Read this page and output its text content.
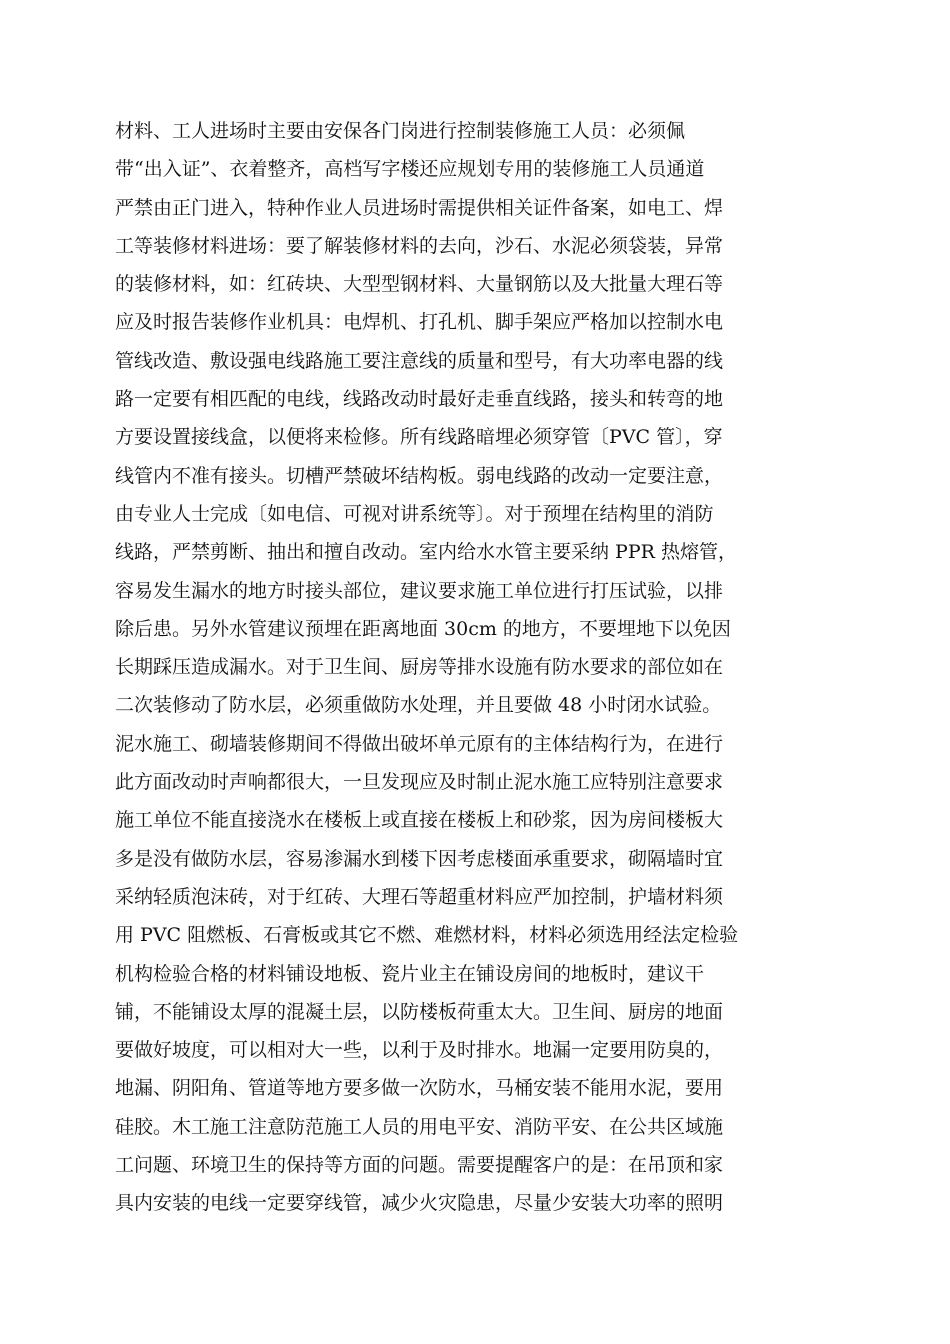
材料、工人进场时主要由安保各门岗进行控制装修施工人员：必须佩
带“出入证”、衣着整齐，高档写字楼还应规划专用的装修施工人员通道
严禁由正门进入，特种作业人员进场时需提供相关证件备案，如电工、焊
工等装修材料进场：要了解装修材料的去向，沙石、水泥必须袋装，异常
的装修材料，如：红砖块、大型型钢材料、大量钢筋以及大批量大理石等
应及时报告装修作业机具：电焊机、打孔机、脚手架应严格加以控制水电
管线改造、敷设强电线路施工要注意线的质量和型号，有大功率电器的线
路一定要有相匹配的电线，线路改动时最好走垂直线路，接头和转弯的地
方要设置接线盒，以便将来检修。所有线路暗埋必须穿管〔PVC 管〕，穿
线管内不准有接头。切槽严禁破坏结构板。弱电线路的改动一定要注意，
由专业人士完成〔如电信、可视对讲系统等〕。对于预埋在结构里的消防
线路，严禁剪断、抽出和擅自改动。室内给水水管主要采纳 PPR 热熔管，
容易发生漏水的地方时接头部位，建议要求施工单位进行打压试验，以排
除后患。另外水管建议预埋在距离地面 30cm 的地方，不要埋地下以免因
长期踩压造成漏水。对于卫生间、厨房等排水设施有防水要求的部位如在
二次装修动了防水层，必须重做防水处理，并且要做 48 小时闭水试验。
泥水施工、砌墙装修期间不得做出破坏单元原有的主体结构行为，在进行
此方面改动时声响都很大，一旦发现应及时制止泥水施工应特别注意要求
施工单位不能直接浇水在楼板上或直接在楼板上和砂浆，因为房间楼板大
多是没有做防水层，容易渗漏水到楼下因考虑楼面承重要求，砌隔墙时宜
采纳轻质泡沫砖，对于红砖、大理石等超重材料应严加控制，护墙材料须
用 PVC 阻燃板、石膏板或其它不燃、难燃材料，材料必须选用经法定检验
机构检验合格的材料铺设地板、瓷片业主在铺设房间的地板时，建议干
铺，不能铺设太厚的混凝土层，以防楼板荷重太大。卫生间、厨房的地面
要做好坡度，可以相对大一些，以利于及时排水。地漏一定要用防臭的，
地漏、阴阳角、管道等地方要多做一次防水，马桶安装不能用水泥，要用
硅胶。木工施工注意防范施工人员的用电平安、消防平安、在公共区域施
工问题、环境卫生的保持等方面的问题。需要提醒客户的是：在吊顶和家
具内安装的电线一定要穿线管，减少火灾隐患，尽量少安装大功率的照明
